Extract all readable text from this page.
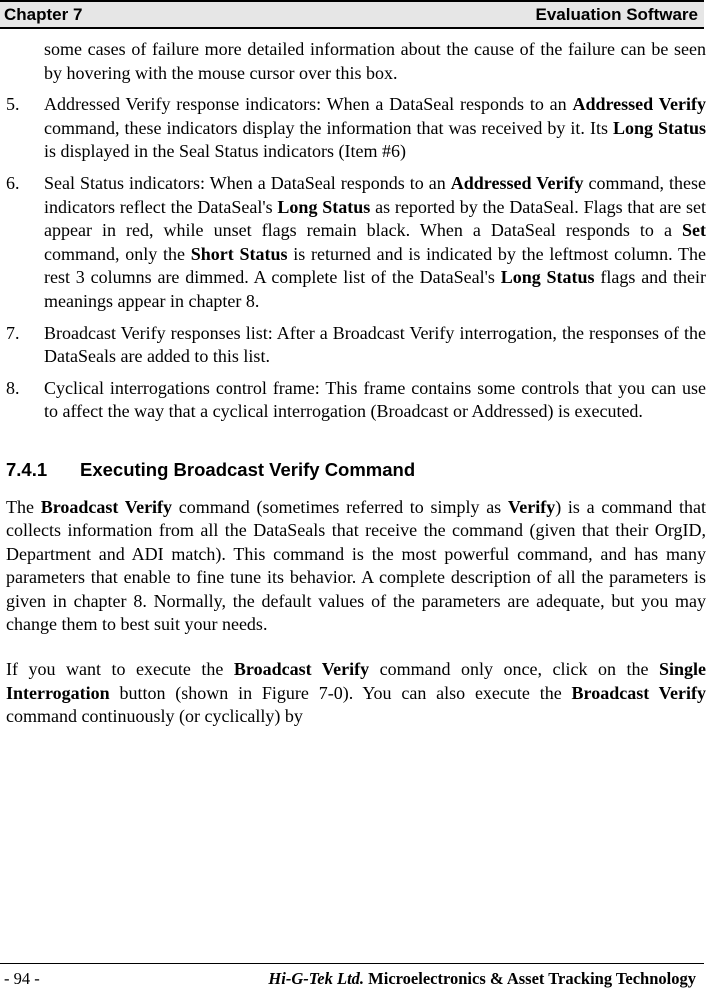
Chapter 7	Evaluation Software
some cases of failure more detailed information about the cause of the failure can be seen by hovering with the mouse cursor over this box.
5. Addressed Verify response indicators: When a DataSeal responds to an Addressed Verify command, these indicators display the information that was received by it. Its Long Status is displayed in the Seal Status indicators (Item #6)
6. Seal Status indicators: When a DataSeal responds to an Addressed Verify command, these indicators reflect the DataSeal's Long Status as reported by the DataSeal. Flags that are set appear in red, while unset flags remain black. When a DataSeal responds to a Set command, only the Short Status is returned and is indicated by the leftmost column. The rest 3 columns are dimmed. A complete list of the DataSeal's Long Status flags and their meanings appear in chapter 8.
7. Broadcast Verify responses list: After a Broadcast Verify interrogation, the responses of the DataSeals are added to this list.
8. Cyclical interrogations control frame: This frame contains some controls that you can use to affect the way that a cyclical interrogation (Broadcast or Addressed) is executed.
7.4.1 Executing Broadcast Verify Command

The Broadcast Verify command (sometimes referred to simply as Verify) is a command that collects information from all the DataSeals that receive the command (given that their OrgID, Department and ADI match). This command is the most powerful command, and has many parameters that enable to fine tune its behavior. A complete description of all the parameters is given in chapter 8. Normally, the default values of the parameters are adequate, but you may change them to best suit your needs.

If you want to execute the Broadcast Verify command only once, click on the Single Interrogation button (shown in Figure 7-0). You can also execute the Broadcast Verify command continuously (or cyclically) by

- 94 -	Hi-G-Tek Ltd. Microelectronics & Asset Tracking Technology
